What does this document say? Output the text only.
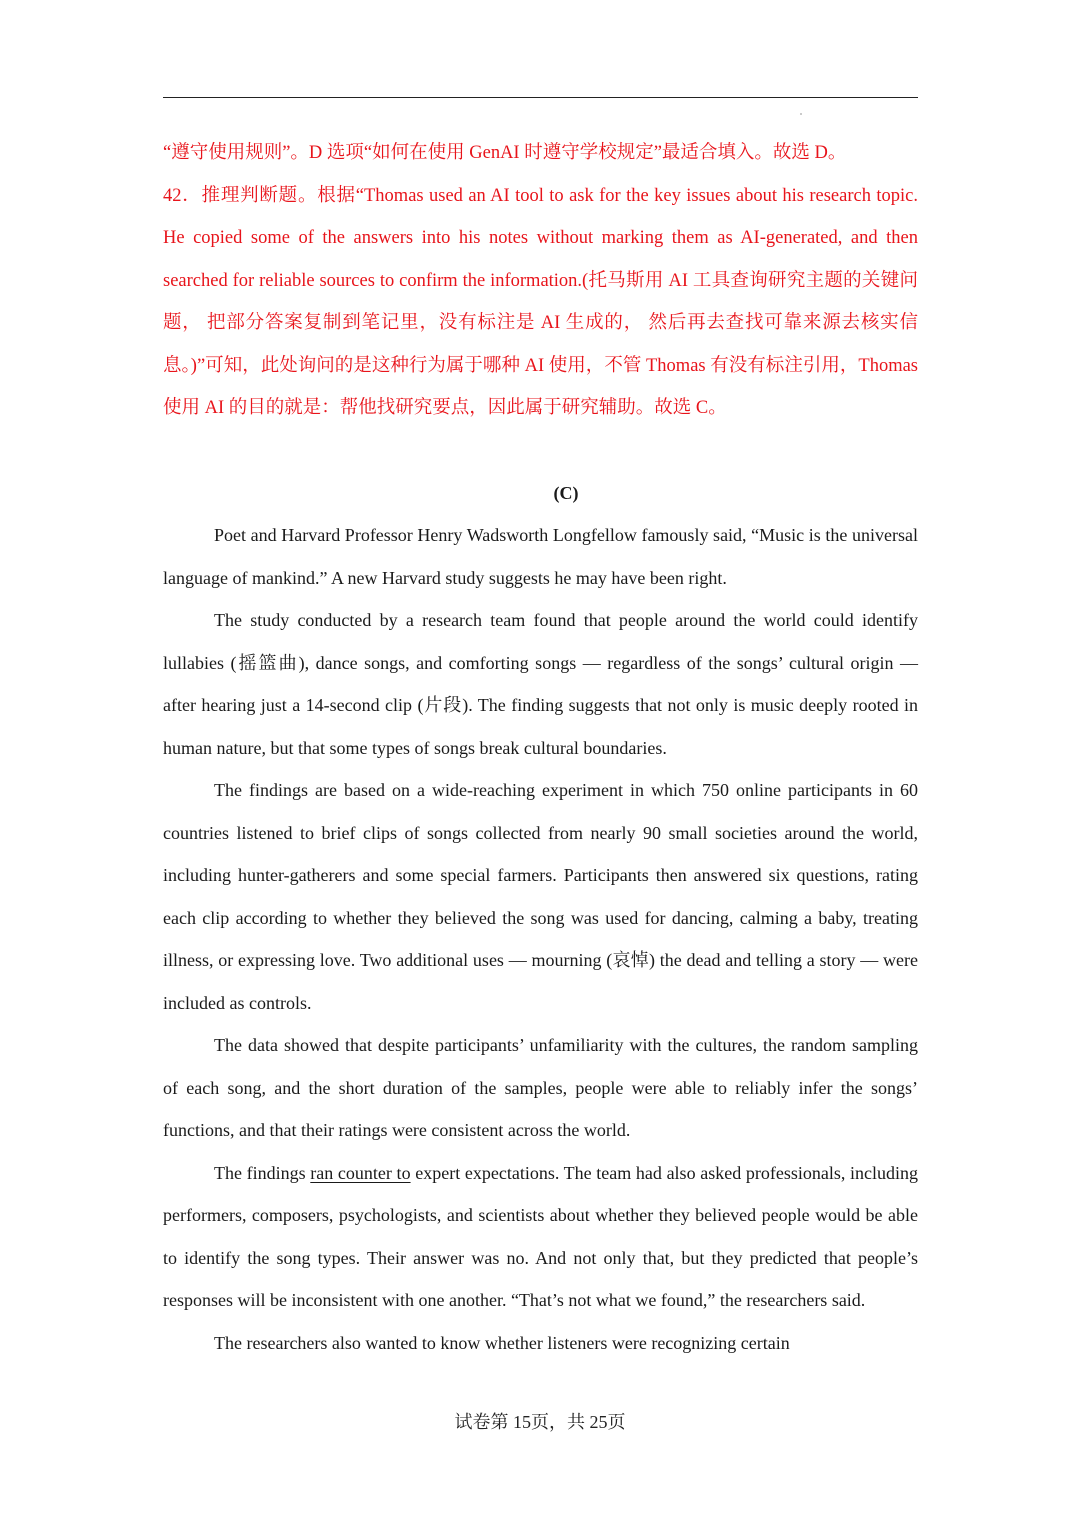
“遵守使用规则”。D 选项“如何在使用 GenAI 时遵守学校规定”最适合填入。故选 D。

42．推理判断题。根据“Thomas used an AI tool to ask for the key issues about his research topic. He copied some of the answers into his notes without marking them as AI-generated, and then searched for reliable sources to confirm the information.(托马斯用 AI 工具查询研究主题的关键问题， 把部分答案复制到笔记里，没有标注是 AI 生成的， 然后再去查找可靠来源去核实信息。)”可知，此处询问的是这种行为属于哪种 AI 使用，不管 Thomas 有没有标注引用，Thomas 使用 AI 的目的就是：帮他找研究要点，因此属于研究辅助。故选 C。

(C)

Poet and Harvard Professor Henry Wadsworth Longfellow famously said, “Music is the universal language of mankind.” A new Harvard study suggests he may have been right.

The study conducted by a research team found that people around the world could identify lullabies (摇篮曲), dance songs, and comforting songs — regardless of the songs’ cultural origin — after hearing just a 14-second clip (片段). The finding suggests that not only is music deeply rooted in human nature, but that some types of songs break cultural boundaries.

The findings are based on a wide-reaching experiment in which 750 online participants in 60 countries listened to brief clips of songs collected from nearly 90 small societies around the world, including hunter-gatherers and some special farmers. Participants then answered six questions, rating each clip according to whether they believed the song was used for dancing, calming a baby, treating illness, or expressing love. Two additional uses — mourning (哀悼) the dead and telling a story — were included as controls.

The data showed that despite participants’ unfamiliarity with the cultures, the random sampling of each song, and the short duration of the samples, people were able to reliably infer the songs’ functions, and that their ratings were consistent across the world.

The findings ran counter to expert expectations. The team had also asked professionals, including performers, composers, psychologists, and scientists about whether they believed people would be able to identify the song types. Their answer was no. And not only that, but they predicted that people’s responses will be inconsistent with one another. “That’s not what we found,” the researchers said.

The researchers also wanted to know whether listeners were recognizing certain

试卷第 15页，共 25页
